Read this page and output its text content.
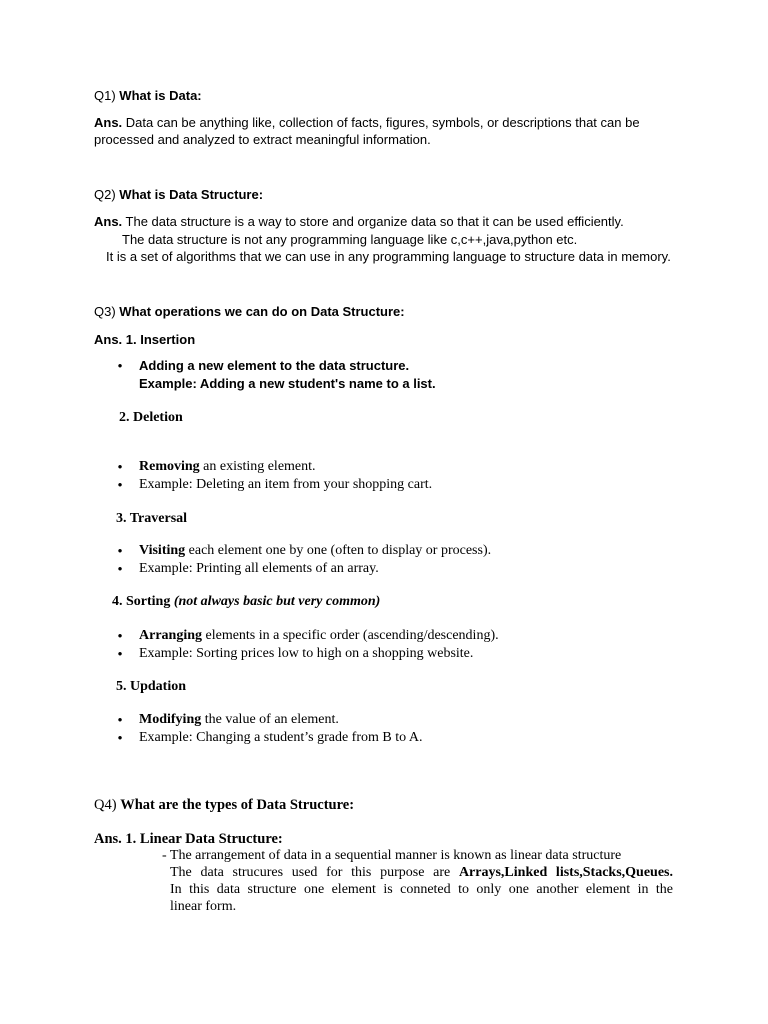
Q1) What is Data:
Ans. Data can be anything like, collection of facts, figures, symbols, or descriptions that can be
processed and analyzed to extract meaningful information.
Q2) What is Data Structure:
Ans. The data structure is a way to store and organize data so that it can be used efficiently.
The data structure is not any programming language like c,c++,java,python etc.
It is a set of algorithms that we can use in any programming language to structure data in memory.
Q3) What operations we can do on Data Structure:
Ans. 1. Insertion
•	Adding a new element to the data structure.
Example: Adding a new student's name to a list.
2. Deletion
•	Removing an existing element.
•	Example: Deleting an item from your shopping cart.
3. Traversal
•	Visiting each element one by one (often to display or process).
•	Example: Printing all elements of an array.
4. Sorting (not always basic but very common)
•	Arranging elements in a specific order (ascending/descending).
•	Example: Sorting prices low to high on a shopping website.
5. Updation
•	Modifying the value of an element.
•	Example: Changing a student’s grade from B to A.
Q4) What are the types of Data Structure:
Ans. 1. Linear Data Structure:
- The arrangement of data in a sequential manner is known as linear data structure
The data strucures used for this purpose are Arrays,Linked lists,Stacks,Queues.
In this data structure one element is conneted to only one another element in the
linear form.
